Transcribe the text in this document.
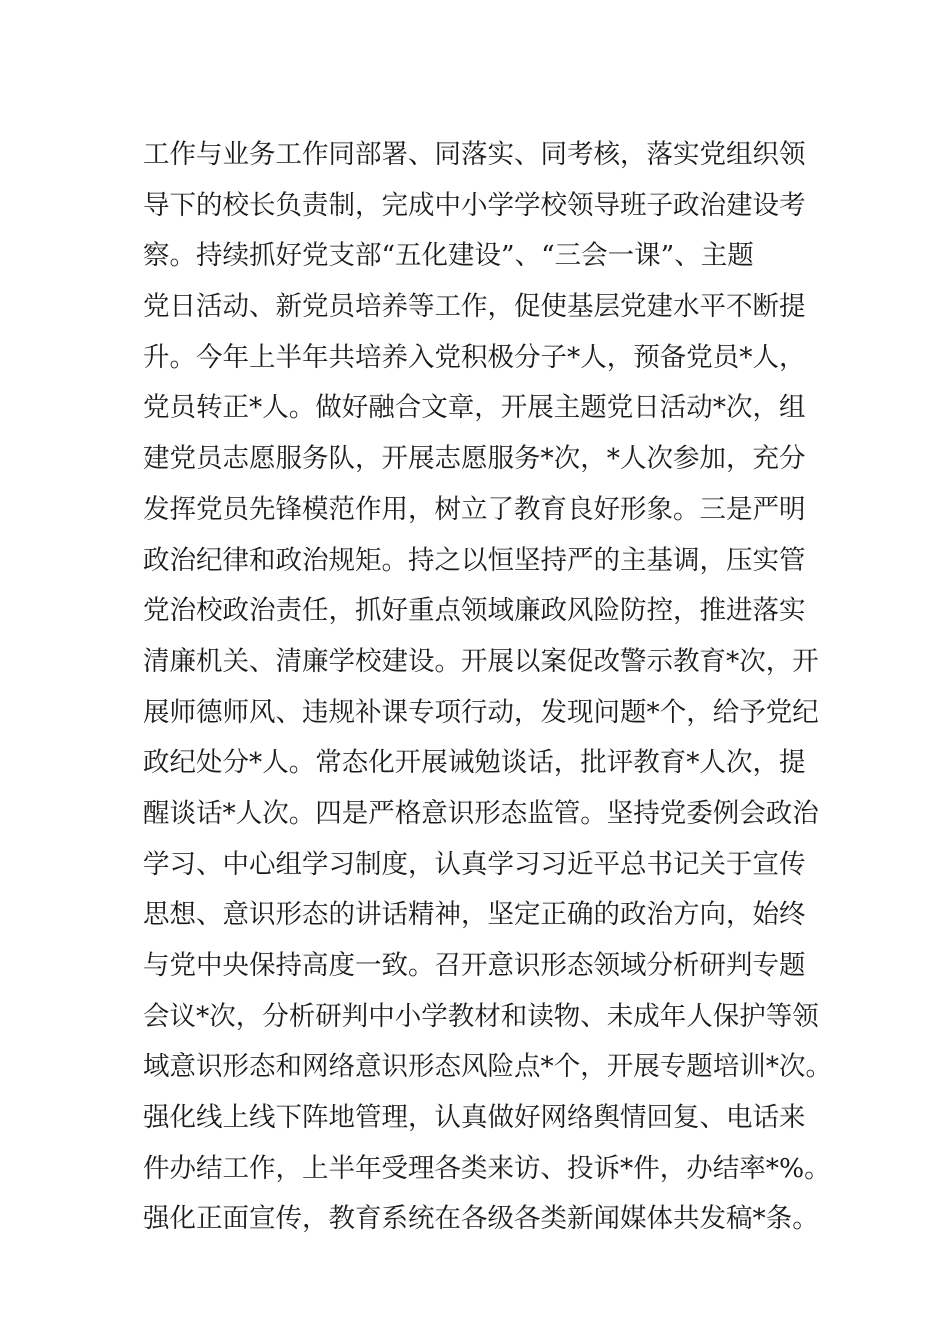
工作与业务工作同部署、同落实、同考核，落实党组织领
导下的校长负责制，完成中小学学校领导班子政治建设考
察。持续抓好党支部“五化建设”、“三会一课”、主题
党日活动、新党员培养等工作，促使基层党建水平不断提
升。今年上半年共培养入党积极分子*人，预备党员*人，
党员转正*人。做好融合文章，开展主题党日活动*次，组
建党员志愿服务队，开展志愿服务*次，*人次参加，充分
发挥党员先锋模范作用，树立了教育良好形象。三是严明
政治纪律和政治规矩。持之以恒坚持严的主基调，压实管
党治校政治责任，抓好重点领域廉政风险防控，推进落实
清廉机关、清廉学校建设。开展以案促改警示教育*次，开
展师德师风、违规补课专项行动，发现问题*个，给予党纪
政纪处分*人。常态化开展诫勉谈话，批评教育*人次，提
醒谈话*人次。四是严格意识形态监管。坚持党委例会政治
学习、中心组学习制度，认真学习习近平总书记关于宣传
思想、意识形态的讲话精神，坚定正确的政治方向，始终
与党中央保持高度一致。召开意识形态领域分析研判专题
会议*次，分析研判中小学教材和读物、未成年人保护等领
域意识形态和网络意识形态风险点*个，开展专题培训*次。
强化线上线下阵地管理，认真做好网络舆情回复、电话来
件办结工作，上半年受理各类来访、投诉*件，办结率*%。
强化正面宣传，教育系统在各级各类新闻媒体共发稿*条。
